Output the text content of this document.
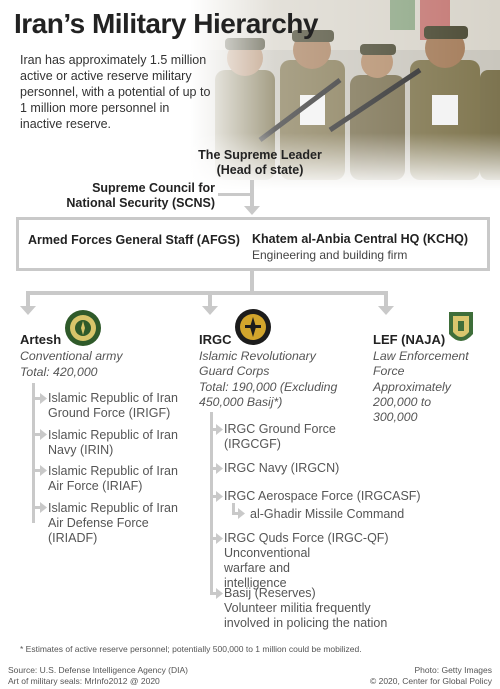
Iran’s Military Hierarchy
Iran has approximately 1.5 million active or active reserve military personnel, with a potential of up to 1 million more personnel in inactive reserve.
The Supreme Leader
(Head of state)
Supreme Council for
National Security (SCNS)
Armed Forces General Staff (AFGS) Khatem al-Anbia Central HQ (KCHQ)
Engineering and building firm
Artesh
Conventional army
Total: 420,000
Islamic Republic of Iran Ground Force (IRIGF)
Islamic Republic of Iran Navy (IRIN)
Islamic Republic of Iran Air Force (IRIAF)
Islamic Republic of Iran Air Defense Force (IRIADF)
IRGC
Islamic Revolutionary Guard Corps
Total: 190,000 (Excluding 450,000 Basij*)
IRGC Ground Force (IRGCGF)
IRGC Navy (IRGCN)
IRGC Aerospace Force (IRGCASF)
al-Ghadir Missile Command
IRGC Quds Force (IRGC-QF)
Unconventional warfare and intelligence
Basij (Reserves)
Volunteer militia frequently involved in policing the nation
LEF (NAJA)
Law Enforcement Force
Approximately 200,000 to 300,000
* Estimates of active reserve personnel; potentially 500,000 to 1 million could be mobilized.
Source: U.S. Defense Intelligence Agency (DIA)
Art of military seals: MrInfo2012 @ 2020
Photo: Getty Images
© 2020, Center for Global Policy
